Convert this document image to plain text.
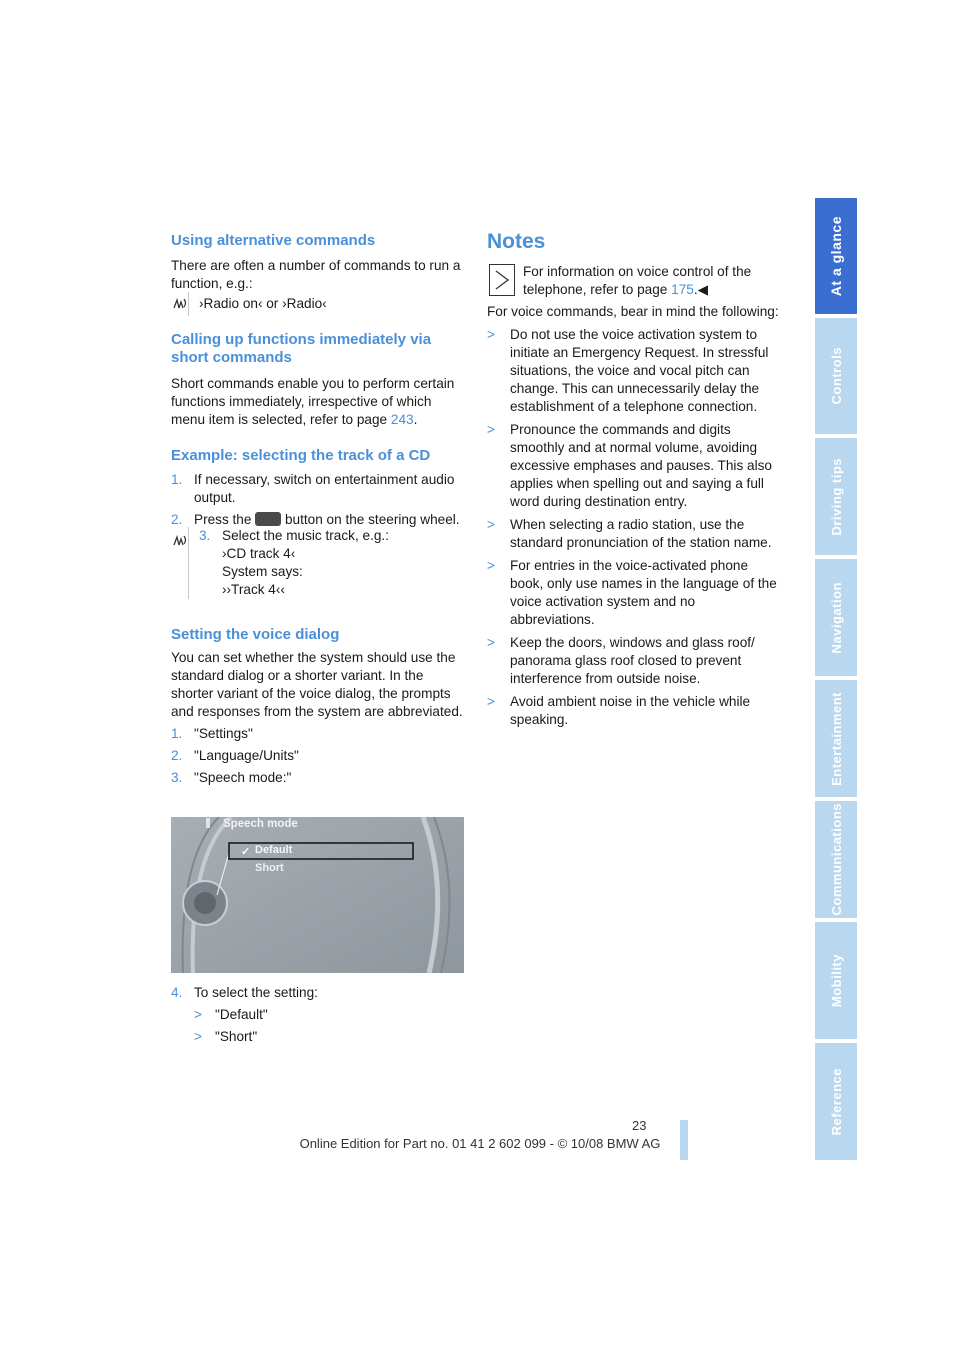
At a glance
Controls
Driving tips
Navigation
Entertainment
Communications
Mobility
Reference

Using alternative commands

There are often a number of commands to run a function, e.g.:

›Radio on‹ or ›Radio‹

Calling up functions immediately via short commands

Short commands enable you to perform certain functions immediately, irrespective of which menu item is selected, refer to page 243.

Example: selecting the track of a CD

1. If necessary, switch on entertainment audio output.
2. Press the  button on the steering wheel.
3. Select the music track, e.g.:
›CD track 4‹
System says:
››Track 4‹‹

Setting the voice dialog

You can set whether the system should use the standard dialog or a shorter variant. In the shorter variant of the voice dialog, the prompts and responses from the system are abbreviated.

1. "Settings"
2. "Language/Units"
3. "Speech mode:"
✓
Speech mode
Default
Short
4. To select the setting:
> "Default"
> "Short"
Notes
For information on voice control of the telephone, refer to page 175.◀

For voice commands, bear in mind the following:

>	Do not use the voice activation system to initiate an Emergency Request. In stressful situations, the voice and vocal pitch can change. This can unnecessarily delay the establishment of a telephone connection.
>	Pronounce the commands and digits smoothly and at normal volume, avoiding excessive emphases and pauses. This also applies when spelling out and saying a full word during destination entry.
>	When selecting a radio station, use the standard pronunciation of the station name.
>	For entries in the voice-activated phone book, only use names in the language of the voice activation system and no abbreviations.
>	Keep the doors, windows and glass roof/ panorama glass roof closed to prevent interference from outside noise.
>	Avoid ambient noise in the vehicle while speaking.
23
Online Edition for Part no. 01 41 2 602 099 - © 10/08 BMW AG
